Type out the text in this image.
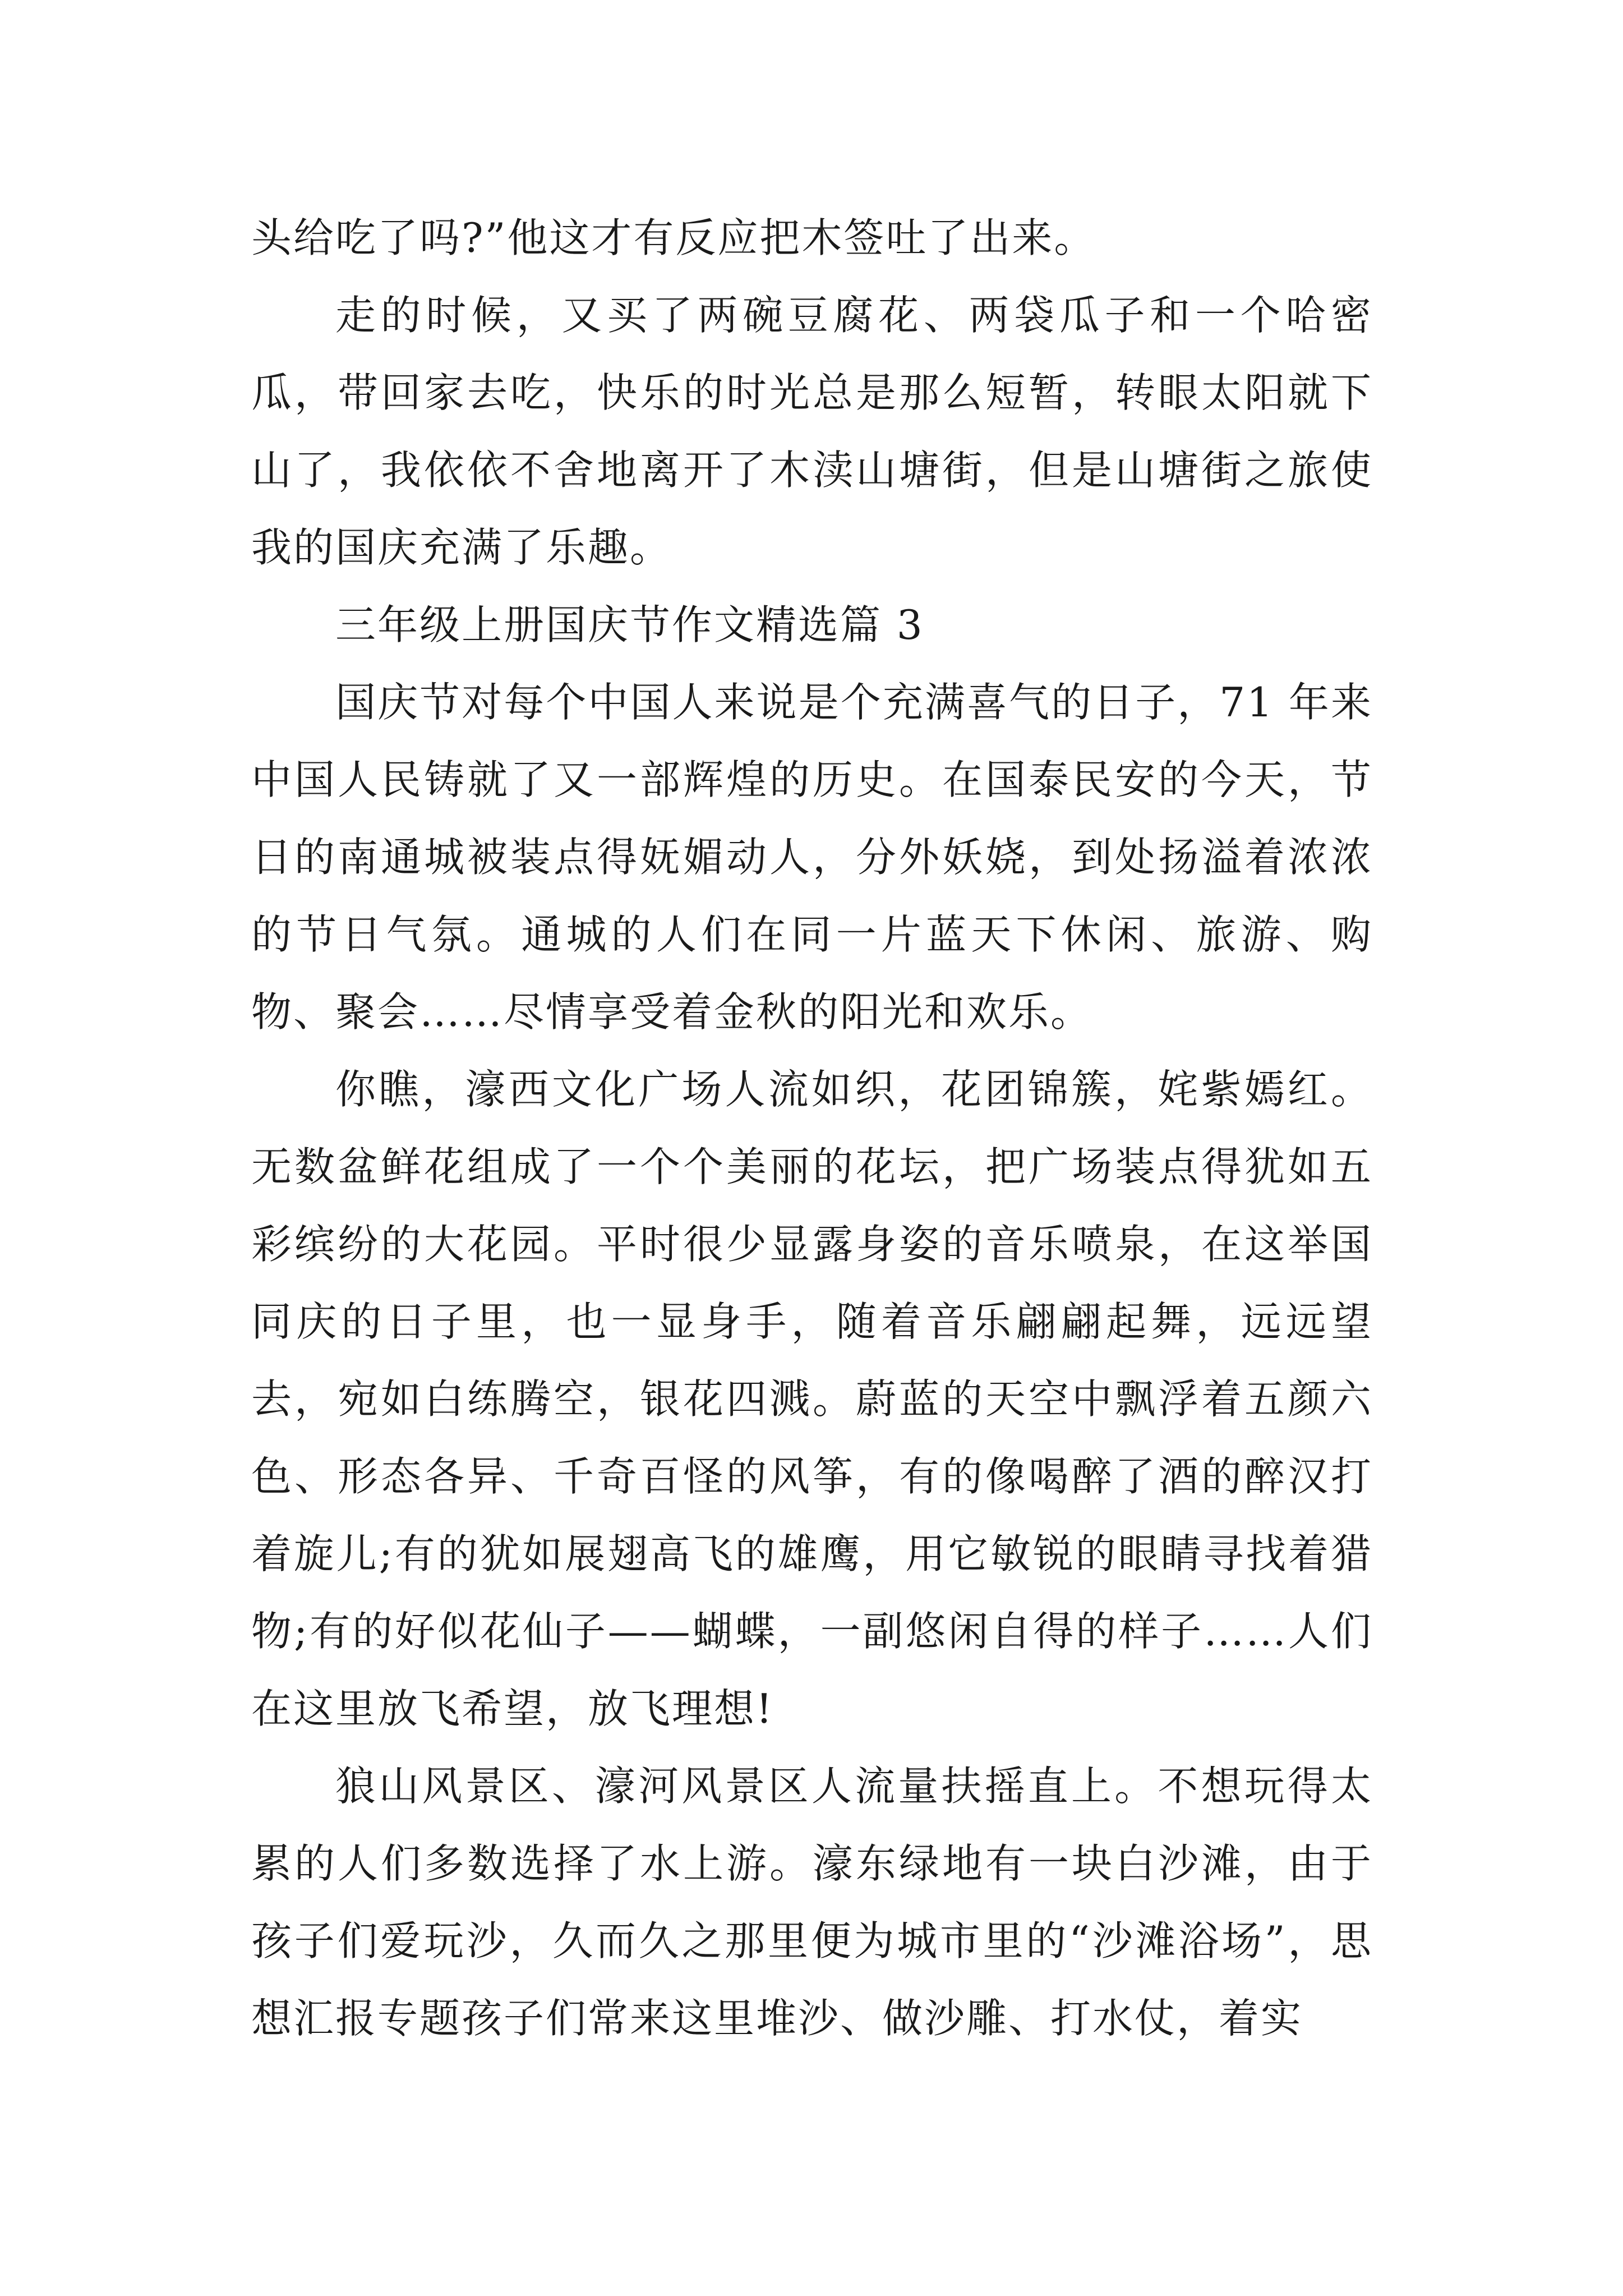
头给吃了吗?”他这才有反应把木签吐了出来。

走的时候，又买了两碗豆腐花、两袋瓜子和一个哈密瓜，带回家去吃，快乐的时光总是那么短暂，转眼太阳就下山了，我依依不舍地离开了木渎山塘街，但是山塘街之旅使我的国庆充满了乐趣。

三年级上册国庆节作文精选篇 3

国庆节对每个中国人来说是个充满喜气的日子，71 年来中国人民铸就了又一部辉煌的历史。在国泰民安的今天，节日的南通城被装点得妩媚动人，分外妖娆，到处扬溢着浓浓的节日气氛。通城的人们在同一片蓝天下休闲、旅游、购物、聚会……尽情享受着金秋的阳光和欢乐。

你瞧，濠西文化广场人流如织，花团锦簇，姹紫嫣红。无数盆鲜花组成了一个个美丽的花坛，把广场装点得犹如五彩缤纷的大花园。平时很少显露身姿的音乐喷泉，在这举国同庆的日子里，也一显身手，随着音乐翩翩起舞，远远望去，宛如白练腾空，银花四溅。蔚蓝的天空中飘浮着五颜六色、形态各异、千奇百怪的风筝，有的像喝醉了酒的醉汉打着旋儿;有的犹如展翅高飞的雄鹰，用它敏锐的眼睛寻找着猎物;有的好似花仙子——蝴蝶，一副悠闲自得的样子……人们在这里放飞希望，放飞理想!

狼山风景区、濠河风景区人流量扶摇直上。不想玩得太累的人们多数选择了水上游。濠东绿地有一块白沙滩，由于孩子们爱玩沙，久而久之那里便为城市里的“沙滩浴场”，思想汇报专题孩子们常来这里堆沙、做沙雕、打水仗，着实
